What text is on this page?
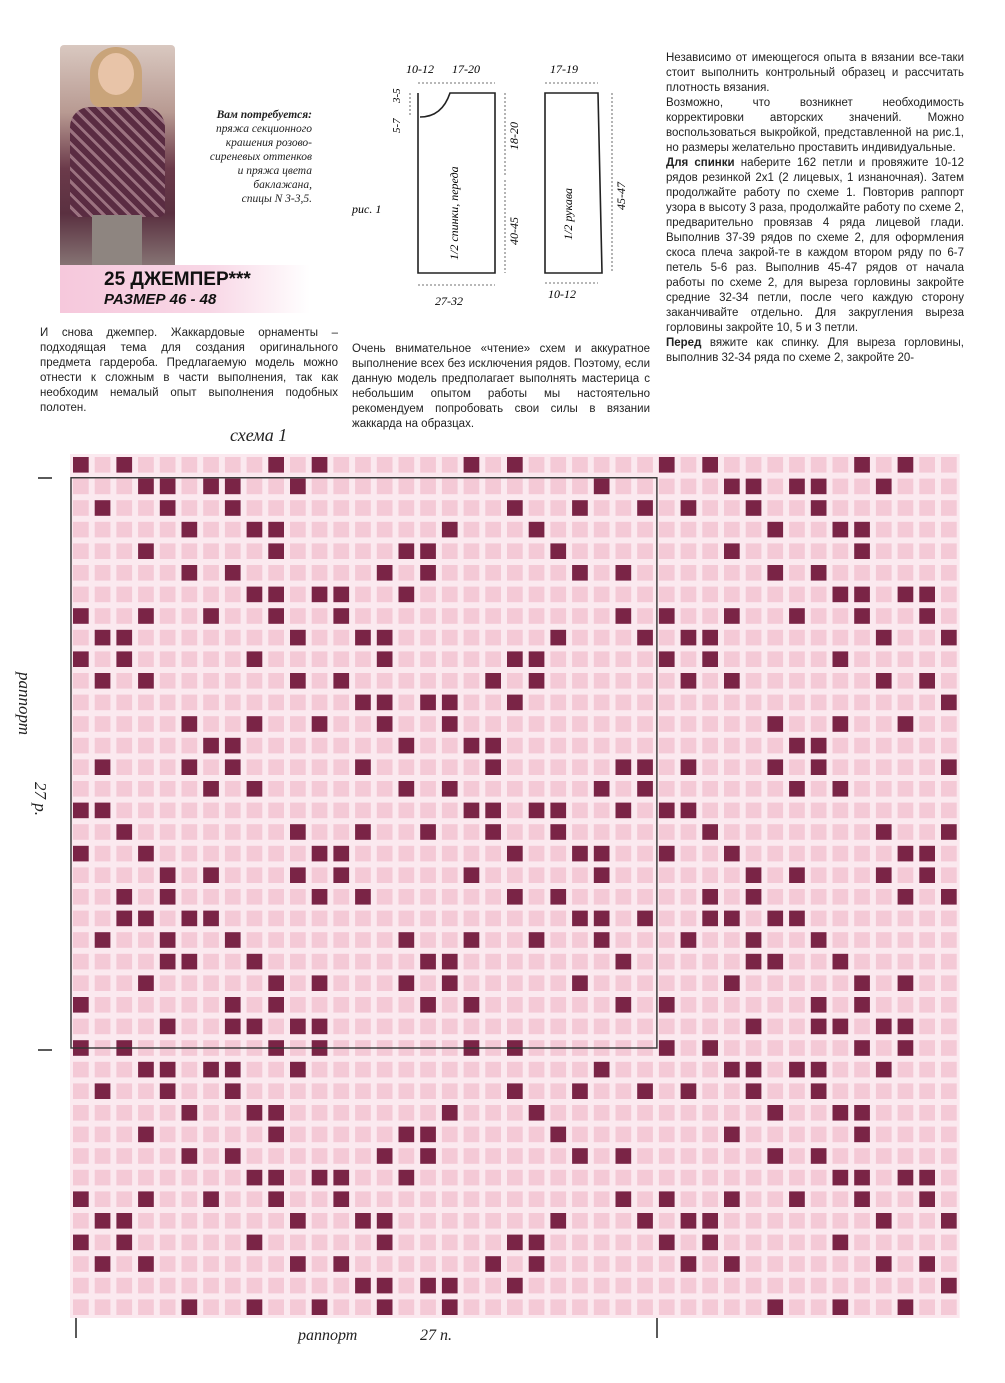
Вам потребуется:
пряжа секционного
крашения розово-
сиреневых оттенков
и пряжа цвета
баклажана,
спицы N 3-3,5.
25 ДЖЕМПЕР***
РАЗМЕР 46 - 48
10-12 17-20	17-19
3-5
5-7	18-20
40-45
45-47
1/2 спинки, переда	1/2 рукава
27-32	10-12
рис. 1

И снова джемпер. Жаккардовые орнаменты – подходящая тема для создания оригинального предмета гардероба. Предлагаемую модель можно отнести к сложным в части выполнения, так как необходим немалый опыт выполнения подобных полотен.

Очень внимательное «чтение» схем и аккуратное выполнение всех без исключения рядов. Поэтому, если данную модель предполагает выполнять мастерица с небольшим опытом работы мы настоятельно рекомендуем попробовать свои силы в вязании жаккарда на образцах.

Независимо от имеющегося опыта в вязании все-таки стоит выполнить контрольный образец и рассчитать плотность вязания.

Возможно, что возникнет необходимость корректировки авторских значений. Можно воспользоваться выкройкой, представленной на рис.1, но размеры желательно проставить индивидуальные.

Для спинки наберите 162 петли и провяжите 10-12 рядов резинкой 2х1 (2 лицевых, 1 изнаночная). Затем продолжайте работу по схеме 1. Повторив раппорт узора в высоту 3 раза, продолжайте работу по схеме 2, предварительно провязав 4 ряда лицевой глади. Выполнив 37-39 рядов по схеме 2, для оформления скоса плеча закрой-те в каждом втором ряду по 6-7 петель 5-6 раз. Выполнив 45-47 рядов от начала работы по схеме 2, для выреза горловины закройте средние 32-34 петли, после чего каждую сторону заканчивайте отдельно. Для закругления выреза горловины закройте 10, 5 и 3 петли.

Перед вяжите как спинку. Для выреза горловины, выполнив 32-34 ряда по схеме 2, закройте 20-

схема 1
раппорт
27 р.
раппорт	27 п.
